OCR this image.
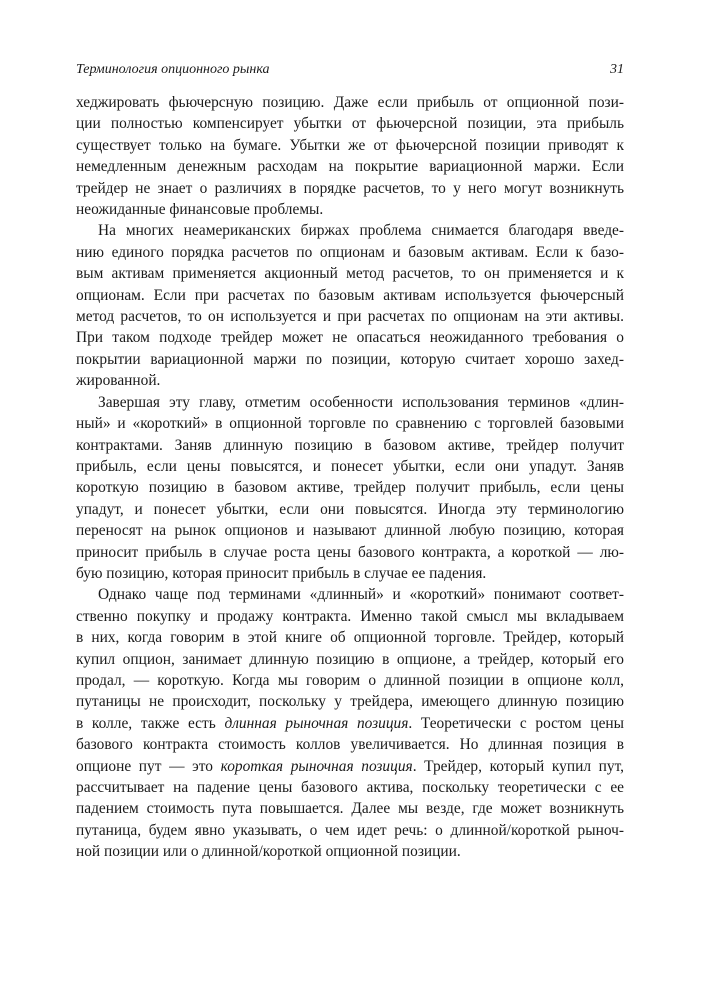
Терминология опционного рынка	31

хеджировать фьючерсную позицию. Даже если прибыль от опционной пози-
ции полностью компенсирует убытки от фьючерсной позиции, эта прибыль
существует только на бумаге. Убытки же от фьючерсной позиции приводят к
немедленным денежным расходам на покрытие вариационной маржи. Если
трейдер не знает о различиях в порядке расчетов, то у него могут возникнуть
неожиданные финансовые проблемы.

На многих неамериканских биржах проблема снимается благодаря введе-
нию единого порядка расчетов по опционам и базовым активам. Если к базо-
вым активам применяется акционный метод расчетов, то он применяется и к
опционам. Если при расчетах по базовым активам используется фьючерсный
метод расчетов, то он используется и при расчетах по опционам на эти активы.
При таком подходе трейдер может не опасаться неожиданного требования о
покрытии вариационной маржи по позиции, которую считает хорошо захед-
жированной.

Завершая эту главу, отметим особенности использования терминов «длин-
ный» и «короткий» в опционной торговле по сравнению с торговлей базовыми
контрактами. Заняв длинную позицию в базовом активе, трейдер получит
прибыль, если цены повысятся, и понесет убытки, если они упадут. Заняв
короткую позицию в базовом активе, трейдер получит прибыль, если цены
упадут, и понесет убытки, если они повысятся. Иногда эту терминологию
переносят на рынок опционов и называют длинной любую позицию, которая
приносит прибыль в случае роста цены базового контракта, а короткой — лю-
бую позицию, которая приносит прибыль в случае ее падения.

Однако чаще под терминами «длинный» и «короткий» понимают соответ-
ственно покупку и продажу контракта. Именно такой смысл мы вкладываем
в них, когда говорим в этой книге об опционной торговле. Трейдер, который
купил опцион, занимает длинную позицию в опционе, а трейдер, который его
продал, — короткую. Когда мы говорим о длинной позиции в опционе колл,
путаницы не происходит, поскольку у трейдера, имеющего длинную позицию
в колле, также есть длинная рыночная позиция. Теоретически с ростом цены
базового контракта стоимость коллов увеличивается. Но длинная позиция в
опционе пут — это короткая рыночная позиция. Трейдер, который купил пут,
рассчитывает на падение цены базового актива, поскольку теоретически с ее
падением стоимость пута повышается. Далее мы везде, где может возникнуть
путаница, будем явно указывать, о чем идет речь: о длинной/короткой рыноч-
ной позиции или о длинной/короткой опционной позиции.
